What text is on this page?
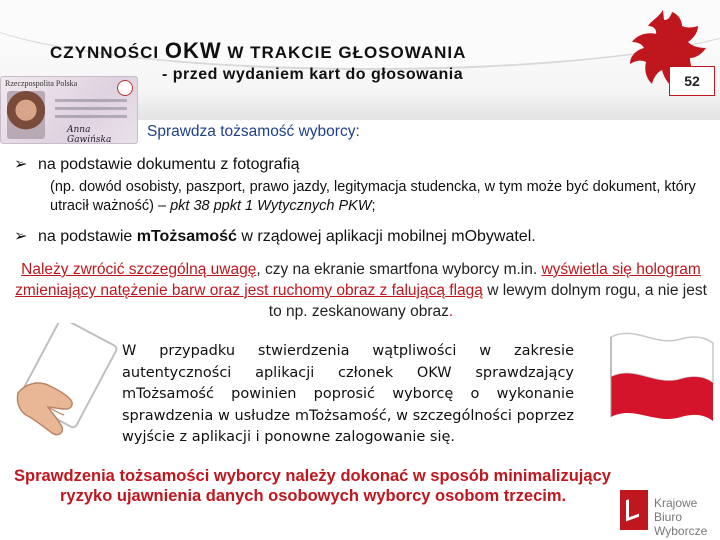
CZYNNOŚCI OKW W TRAKCIE GŁOSOWANIA
- przed wydaniem kart do głosowania	52
Rzeczpospolita Polska
Anna Gawińska	Sprawdza tożsamość wyborcy:
➢ na podstawie dokumentu z fotografią
(np. dowód osobisty, paszport, prawo jazdy, legitymacja studencka, w tym może być dokument, który utracił ważność) – pkt 38 ppkt 1 Wytycznych PKW;
➢ na podstawie mTożsamość w rządowej aplikacji mobilnej mObywatel.
Należy zwrócić szczególną uwagę, czy na ekranie smartfona wyborcy m.in. wyświetla się hologram zmieniający natężenie barw oraz jest ruchomy obraz z falującą flagą w lewym dolnym rogu, a nie jest to np. zeskanowany obraz.
W przypadku stwierdzenia wątpliwości w zakresie autentyczności aplikacji członek OKW sprawdzający mTożsamość powinien poprosić wyborcę o wykonanie sprawdzenia w usłudze mTożsamość, w szczególności poprzez wyjście z aplikacji i ponowne zalogowanie się.
Sprawdzenia tożsamości wyborcy należy dokonać w sposób minimalizujący
ryzyko ujawnienia danych osobowych wyborcy osobom trzecim.	Krajowe
Biuro
Wyborcze
